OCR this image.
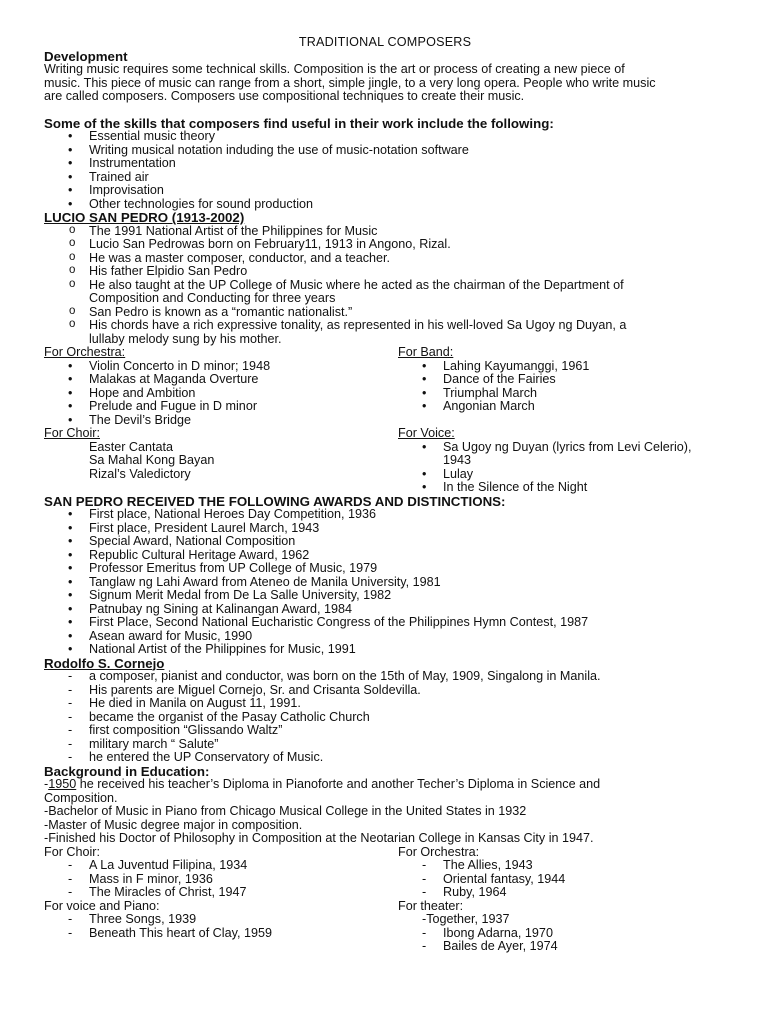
TRADITIONAL COMPOSERS
Development
Writing music requires some technical skills. Composition is the art or process of creating a new piece of
music. This piece of music can range from a short, simple jingle, to a very long opera. People who write music
are called composers. Composers use compositional techniques to create their music.
Some of the skills that composers find useful in their work include the following:
• Essential music theory
• Writing musical notation induding the use of music-notation software
• Instrumentation
• Trained air
• Improvisation
• Other technologies for sound production
LUCIO SAN PEDRO (1913-2002)
o The 1991 National Artist of the Philippines for Music
o Lucio San Pedrowas born on February11, 1913 in Angono, Rizal.
o He was a master composer, conductor, and a teacher.
o His father Elpidio San Pedro
o He also taught at the UP College of Music where he acted as the chairman of the Department of
Composition and Conducting for three years
o San Pedro is known as a “romantic nationalist.”
o His chords have a rich expressive tonality, as represented in his well-loved Sa Ugoy ng Duyan, a
lullaby melody sung by his mother.
For Orchestra:
• Violin Concerto in D minor; 1948
• Malakas at Maganda Overture
• Hope and Ambition
• Prelude and Fugue in D minor
• The Devil’s Bridge
For Band:
• Lahing Kayumanggi, 1961
• Dance of the Fairies
• Triumphal March
• Angonian March
For Choir:
Easter Cantata
Sa Mahal Kong Bayan
Rizal’s Valedictory
For Voice:
• Sa Ugoy ng Duyan (lyrics from Levi Celerio),
1943
• Lulay
• In the Silence of the Night
SAN PEDRO RECEIVED THE FOLLOWING AWARDS AND DISTINCTIONS:
• First place, National Heroes Day Competition, 1936
• First place, President Laurel March, 1943
• Special Award, National Composition
• Republic Cultural Heritage Award, 1962
• Professor Emeritus from UP College of Music, 1979
• Tanglaw ng Lahi Award from Ateneo de Manila University, 1981
• Signum Merit Medal from De La Salle University, 1982
• Patnubay ng Sining at Kalinangan Award, 1984
• First Place, Second National Eucharistic Congress of the Philippines Hymn Contest, 1987
• Asean award for Music, 1990
• National Artist of the Philippines for Music, 1991
Rodolfo S. Cornejo
- a composer, pianist and conductor, was born on the 15th of May, 1909, Singalong in Manila.
- His parents are Miguel Cornejo, Sr. and Crisanta Soldevilla.
- He died in Manila on August 11, 1991.
- became the organist of the Pasay Catholic Church
- first composition “Glissando Waltz”
- military march “ Salute”
- he entered the UP Conservatory of Music.
Background in Education:
-1950 he received his teacher’s Diploma in Pianoforte and another Techer’s Diploma in Science and
Composition.
-Bachelor of Music in Piano from Chicago Musical College in the United States in 1932
-Master of Music degree major in composition.
-Finished his Doctor of Philosophy in Composition at the Neotarian College in Kansas City in 1947.
For Choir:
- A La Juventud Filipina, 1934
- Mass in F minor, 1936
- The Miracles of Christ, 1947
For Orchestra:
- The Allies, 1943
- Oriental fantasy, 1944
- Ruby, 1964
For voice and Piano:
- Three Songs, 1939
- Beneath This heart of Clay, 1959
For theater:
-Together, 1937
- Ibong Adarna, 1970
- Bailes de Ayer, 1974
